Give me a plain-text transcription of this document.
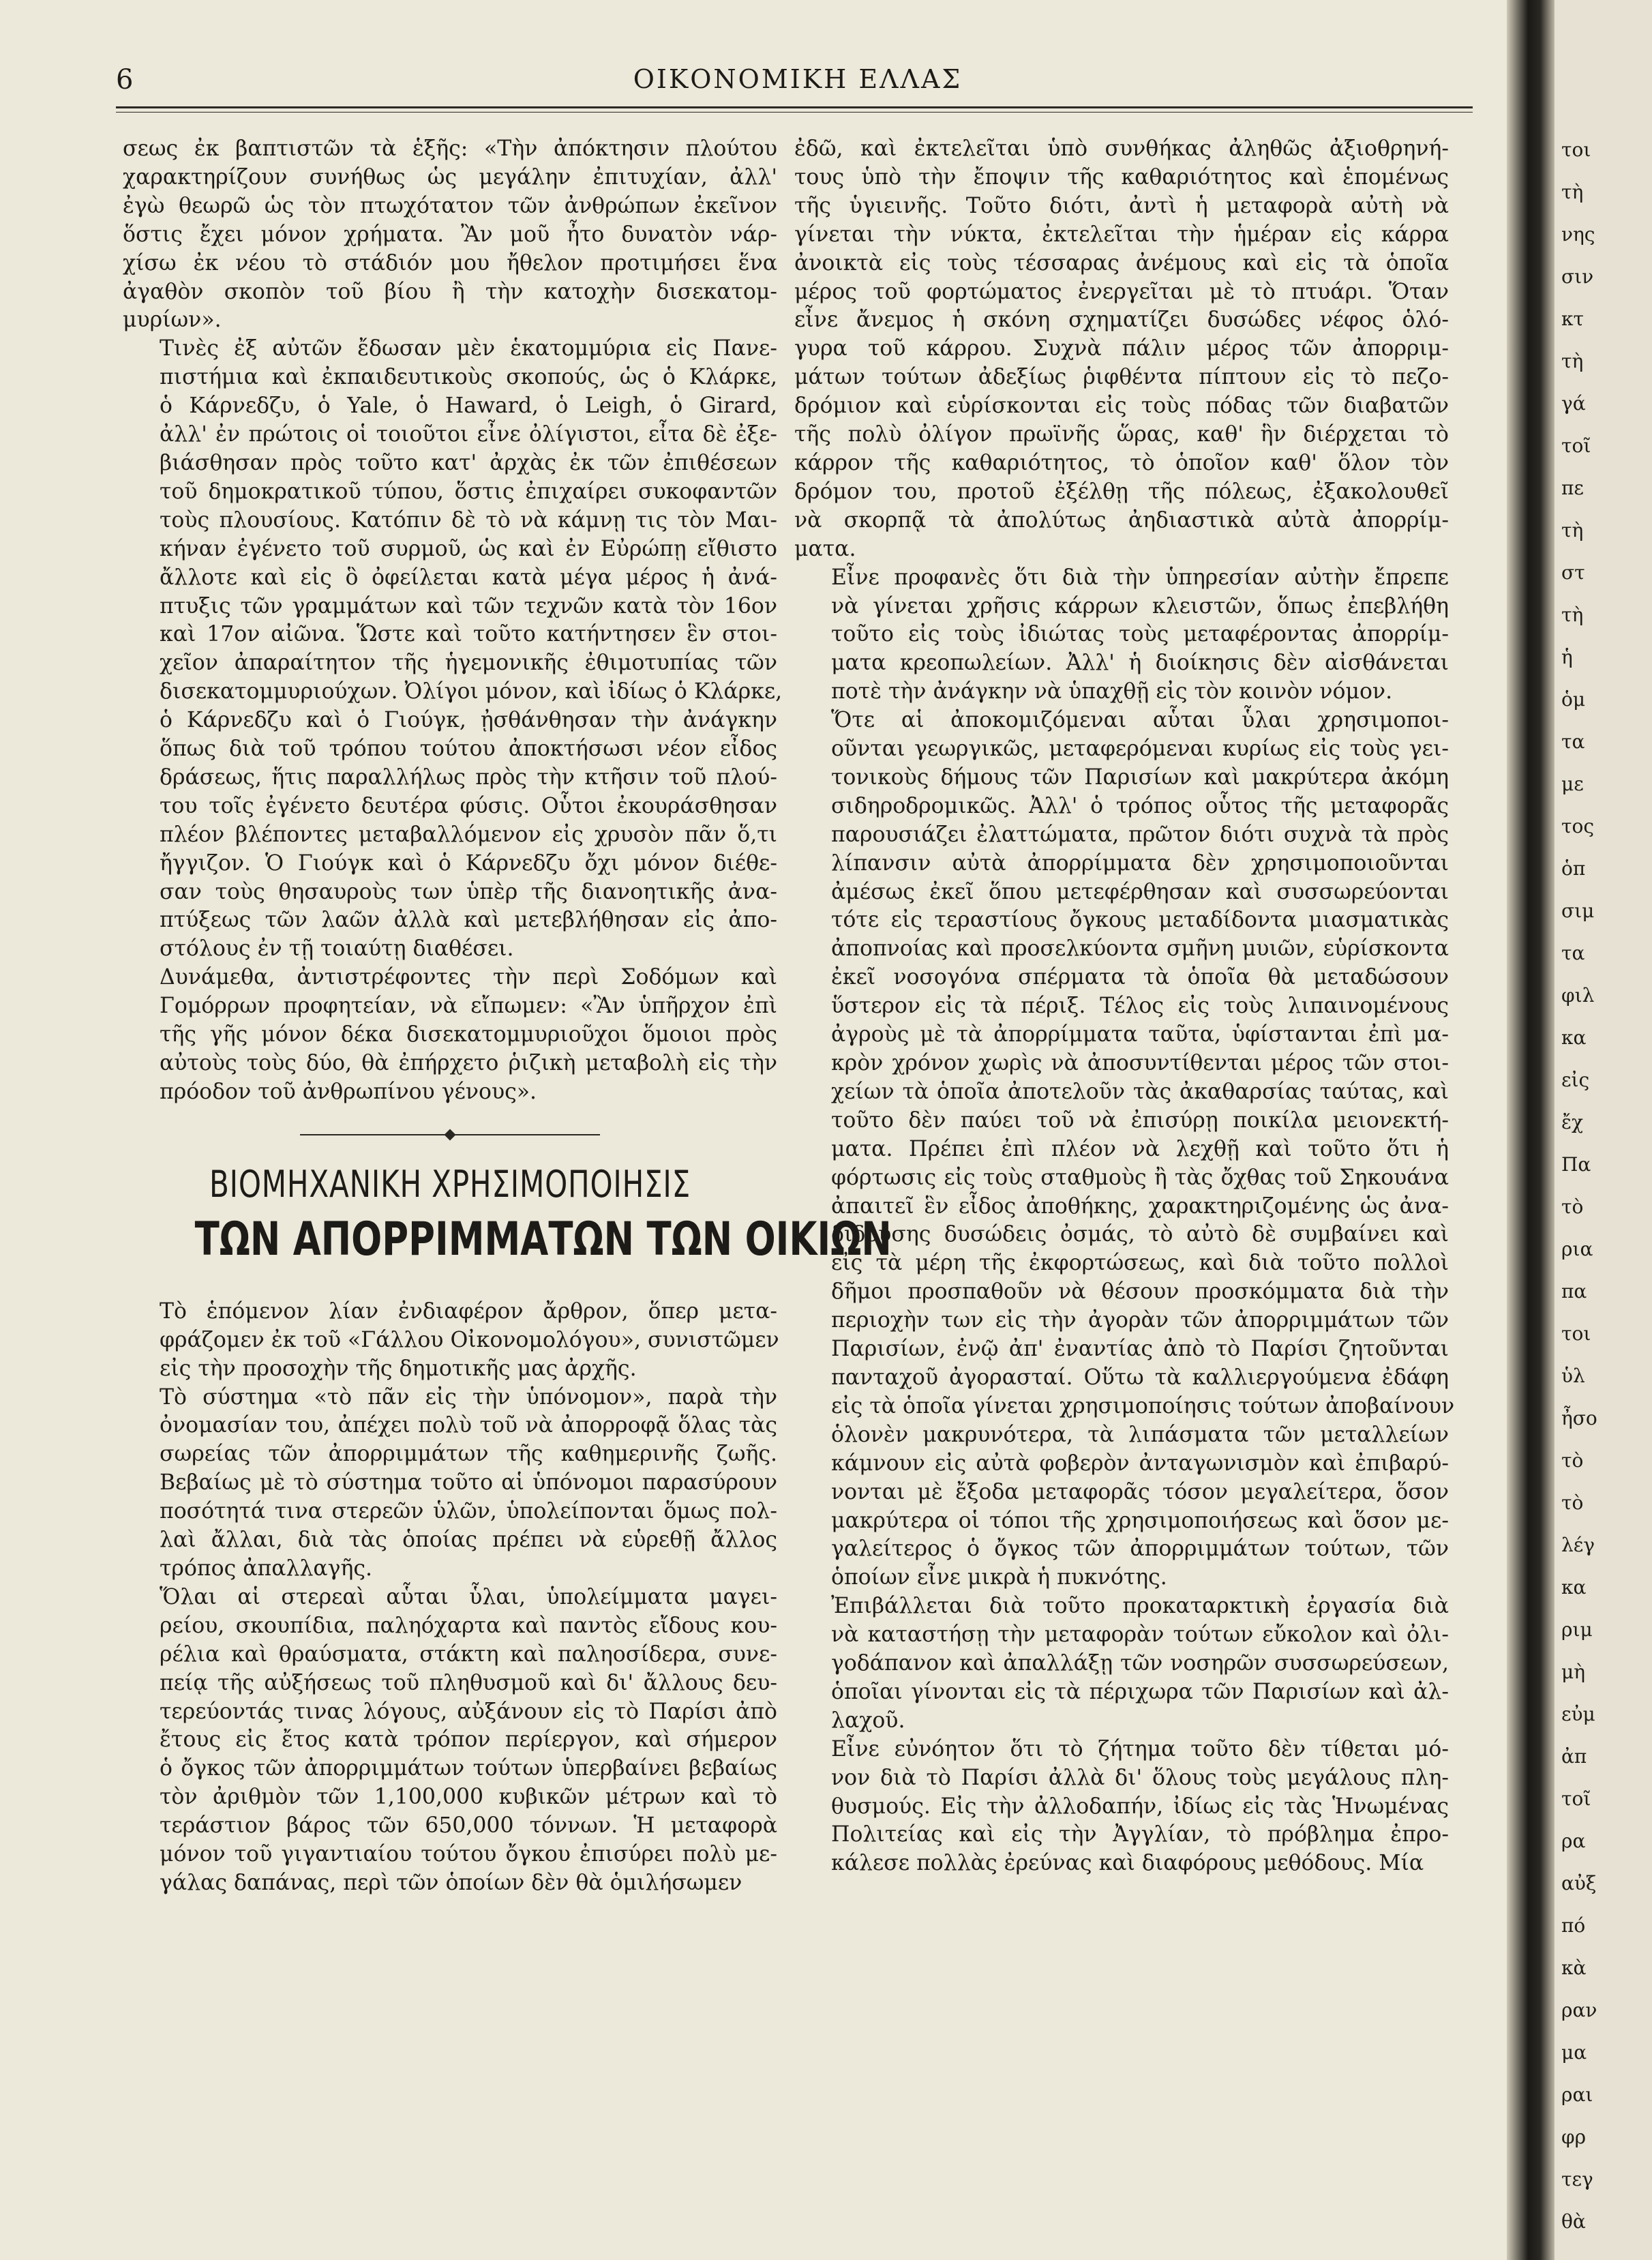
6	ΟΙΚΟΝΟΜΙΚΗ ΕΛΛΑΣ

σεως ἐκ βαπτιστῶν τὰ ἑξῆς: «Τὴν ἀπόκτησιν πλούτου
χαρακτηρίζουν συνήθως ὡς μεγάλην ἐπιτυχίαν, ἀλλ'
ἐγὼ θεωρῶ ὡς τὸν πτωχότατον τῶν ἀνθρώπων ἐκεῖνον
ὅστις ἔχει μόνον χρήματα. Ἂν μοῦ ἦτο δυνατὸν νάρ-
χίσω ἐκ νέου τὸ στάδιόν μου ἤθελον προτιμήσει ἕνα
ἀγαθὸν σκοπὸν τοῦ βίου ἢ τὴν κατοχὴν δισεκατομ-
μυρίων».

Τινὲς ἐξ αὐτῶν ἔδωσαν μὲν ἑκατομμύρια εἰς Πανε-
πιστήμια καὶ ἐκπαιδευτικοὺς σκοπούς, ὡς ὁ Κλάρκε,
ὁ Κάρνεδζυ, ὁ Yale, ὁ Haward, ὁ Leigh, ὁ Girard,
ἀλλ' ἐν πρώτοις οἱ τοιοῦτοι εἶνε ὀλίγιστοι, εἶτα δὲ ἐξε-
βιάσθησαν πρὸς τοῦτο κατ' ἀρχὰς ἐκ τῶν ἐπιθέσεων
τοῦ δημοκρατικοῦ τύπου, ὅστις ἐπιχαίρει συκοφαντῶν
τοὺς πλουσίους. Κατόπιν δὲ τὸ νὰ κάμνῃ τις τὸν Μαι-
κήναν ἐγένετο τοῦ συρμοῦ, ὡς καὶ ἐν Εὐρώπῃ εἴθιστο
ἄλλοτε καὶ εἰς ὃ ὀφείλεται κατὰ μέγα μέρος ἡ ἀνά-
πτυξις τῶν γραμμάτων καὶ τῶν τεχνῶν κατὰ τὸν 16ον
καὶ 17ον αἰῶνα. Ὥστε καὶ τοῦτο κατήντησεν ἓν στοι-
χεῖον ἀπαραίτητον τῆς ἡγεμονικῆς ἐθιμοτυπίας τῶν
δισεκατομμυριούχων. Ὀλίγοι μόνον, καὶ ἰδίως ὁ Κλάρκε,
ὁ Κάρνεδζυ καὶ ὁ Γιούγκ, ᾐσθάνθησαν τὴν ἀνάγκην
ὅπως διὰ τοῦ τρόπου τούτου ἀποκτήσωσι νέον εἶδος
δράσεως, ἥτις παραλλήλως πρὸς τὴν κτῆσιν τοῦ πλού-
του τοῖς ἐγένετο δευτέρα φύσις. Οὗτοι ἐκουράσθησαν
πλέον βλέποντες μεταβαλλόμενον εἰς χρυσὸν πᾶν ὅ,τι
ἤγγιζον. Ὁ Γιούγκ καὶ ὁ Κάρνεδζυ ὄχι μόνον διέθε-
σαν τοὺς θησαυροὺς των ὑπὲρ τῆς διανοητικῆς ἀνα-
πτύξεως τῶν λαῶν ἀλλὰ καὶ μετεβλήθησαν εἰς ἀπο-
στόλους ἐν τῇ τοιαύτῃ διαθέσει.

Δυνάμεθα, ἀντιστρέφοντες τὴν περὶ Σοδόμων καὶ
Γομόρρων προφητείαν, νὰ εἴπωμεν: «Ἂν ὑπῆρχον ἐπὶ
τῆς γῆς μόνον δέκα δισεκατομμυριοῦχοι ὅμοιοι πρὸς
αὐτοὺς τοὺς δύο, θὰ ἐπήρχετο ῥιζικὴ μεταβολὴ εἰς τὴν
πρόοδον τοῦ ἀνθρωπίνου γένους».

ΒΙΟΜΗΧΑΝΙΚΗ ΧΡΗΣΙΜΟΠΟΙΗΣΙΣ
ΤΩΝ ΑΠΟΡΡΙΜΜΑΤΩΝ ΤΩΝ ΟΙΚΙΩΝ

Τὸ ἑπόμενον λίαν ἐνδιαφέρον ἄρθρον, ὅπερ μετα-
φράζομεν ἐκ τοῦ «Γάλλου Οἰκονομολόγου», συνιστῶμεν
εἰς τὴν προσοχὴν τῆς δημοτικῆς μας ἀρχῆς.

Τὸ σύστημα «τὸ πᾶν εἰς τὴν ὑπόνομον», παρὰ τὴν
ὀνομασίαν του, ἀπέχει πολὺ τοῦ νὰ ἀπορροφᾷ ὅλας τὰς
σωρείας τῶν ἀπορριμμάτων τῆς καθημερινῆς ζωῆς.
Βεβαίως μὲ τὸ σύστημα τοῦτο αἱ ὑπόνομοι παρασύρουν
ποσότητά τινα στερεῶν ὑλῶν, ὑπολείπονται ὅμως πολ-
λαὶ ἄλλαι, διὰ τὰς ὁποίας πρέπει νὰ εὑρεθῇ ἄλλος
τρόπος ἀπαλλαγῆς.

Ὅλαι αἱ στερεαὶ αὗται ὗλαι, ὑπολείμματα μαγει-
ρείου, σκουπίδια, παληόχαρτα καὶ παντὸς εἴδους κου-
ρέλια καὶ θραύσματα, στάκτη καὶ παληοσίδερα, συνε-
πείᾳ τῆς αὐξήσεως τοῦ πληθυσμοῦ καὶ δι' ἄλλους δευ-
τερεύοντάς τινας λόγους, αὐξάνουν εἰς τὸ Παρίσι ἀπὸ
ἔτους εἰς ἔτος κατὰ τρόπον περίεργον, καὶ σήμερον
ὁ ὄγκος τῶν ἀπορριμμάτων τούτων ὑπερβαίνει βεβαίως
τὸν ἀριθμὸν τῶν 1,100,000 κυβικῶν μέτρων καὶ τὸ
τεράστιον βάρος τῶν 650,000 τόννων. Ἡ μεταφορὰ
μόνον τοῦ γιγαντιαίου τούτου ὄγκου ἐπισύρει πολὺ με-
γάλας δαπάνας, περὶ τῶν ὁποίων δὲν θὰ ὁμιλήσωμεν

ἐδῶ, καὶ ἐκτελεῖται ὑπὸ συνθήκας ἀληθῶς ἀξιοθρηνή-
τους ὑπὸ τὴν ἔποψιν τῆς καθαριότητος καὶ ἑπομένως
τῆς ὑγιεινῆς. Τοῦτο διότι, ἀντὶ ἡ μεταφορὰ αὐτὴ νὰ
γίνεται τὴν νύκτα, ἐκτελεῖται τὴν ἡμέραν εἰς κάρρα
ἀνοικτὰ εἰς τοὺς τέσσαρας ἀνέμους καὶ εἰς τὰ ὁποῖα
μέρος τοῦ φορτώματος ἐνεργεῖται μὲ τὸ πτυάρι. Ὅταν
εἶνε ἄνεμος ἡ σκόνη σχηματίζει δυσώδες νέφος ὁλό-
γυρα τοῦ κάρρου. Συχνὰ πάλιν μέρος τῶν ἀπορριμ-
μάτων τούτων ἀδεξίως ῥιφθέντα πίπτουν εἰς τὸ πεζο-
δρόμιον καὶ εὑρίσκονται εἰς τοὺς πόδας τῶν διαβατῶν
τῆς πολὺ ὀλίγον πρωϊνῆς ὥρας, καθ' ἣν διέρχεται τὸ
κάρρον τῆς καθαριότητος, τὸ ὁποῖον καθ' ὅλον τὸν
δρόμον του, προτοῦ ἐξέλθῃ τῆς πόλεως, ἐξακολουθεῖ
νὰ σκορπᾷ τὰ ἀπολύτως ἀηδιαστικὰ αὐτὰ ἀπορρίμ-
ματα.

Εἶνε προφανὲς ὅτι διὰ τὴν ὑπηρεσίαν αὐτὴν ἔπρεπε
νὰ γίνεται χρῆσις κάρρων κλειστῶν, ὅπως ἐπεβλήθη
τοῦτο εἰς τοὺς ἰδιώτας τοὺς μεταφέροντας ἀπορρίμ-
ματα κρεοπωλείων. Ἀλλ' ἡ διοίκησις δὲν αἰσθάνεται
ποτὲ τὴν ἀνάγκην νὰ ὑπαχθῇ εἰς τὸν κοινὸν νόμον.

Ὅτε αἱ ἀποκομιζόμεναι αὗται ὗλαι χρησιμοποι-
οῦνται γεωργικῶς, μεταφερόμεναι κυρίως εἰς τοὺς γει-
τονικοὺς δήμους τῶν Παρισίων καὶ μακρύτερα ἀκόμη
σιδηροδρομικῶς. Ἀλλ' ὁ τρόπος οὗτος τῆς μεταφορᾶς
παρουσιάζει ἐλαττώματα, πρῶτον διότι συχνὰ τὰ πρὸς
λίπανσιν αὐτὰ ἀπορρίμματα δὲν χρησιμοποιοῦνται
ἀμέσως ἐκεῖ ὅπου μετεφέρθησαν καὶ συσσωρεύονται
τότε εἰς τεραστίους ὄγκους μεταδίδοντα μιασματικὰς
ἀποπνοίας καὶ προσελκύοντα σμῆνη μυιῶν, εὑρίσκοντα
ἐκεῖ νοσογόνα σπέρματα τὰ ὁποῖα θὰ μεταδώσουν
ὕστερον εἰς τὰ πέριξ. Τέλος εἰς τοὺς λιπαινομένους
ἀγροὺς μὲ τὰ ἀπορρίμματα ταῦτα, ὑφίστανται ἐπὶ μα-
κρὸν χρόνον χωρὶς νὰ ἀποσυντίθενται μέρος τῶν στοι-
χείων τὰ ὁποῖα ἀποτελοῦν τὰς ἀκαθαρσίας ταύτας, καὶ
τοῦτο δὲν παύει τοῦ νὰ ἐπισύρῃ ποικίλα μειονεκτή-
ματα. Πρέπει ἐπὶ πλέον νὰ λεχθῇ καὶ τοῦτο ὅτι ἡ
φόρτωσις εἰς τοὺς σταθμοὺς ἢ τὰς ὄχθας τοῦ Σηκουάνα
ἀπαιτεῖ ἓν εἶδος ἀποθήκης, χαρακτηριζομένης ὡς ἀνα-
διδούσης δυσώδεις ὀσμάς, τὸ αὐτὸ δὲ συμβαίνει καὶ
εἰς τὰ μέρη τῆς ἐκφορτώσεως, καὶ διὰ τοῦτο πολλοὶ
δῆμοι προσπαθοῦν νὰ θέσουν προσκόμματα διὰ τὴν
περιοχὴν των εἰς τὴν ἀγορὰν τῶν ἀπορριμμάτων τῶν
Παρισίων, ἐνῷ ἀπ' ἐναντίας ἀπὸ τὸ Παρίσι ζητοῦνται
πανταχοῦ ἀγορασταί. Οὕτω τὰ καλλιεργούμενα ἐδάφη
εἰς τὰ ὁποῖα γίνεται χρησιμοποίησις τούτων ἀποβαίνουν
ὁλονὲν μακρυνότερα, τὰ λιπάσματα τῶν μεταλλείων
κάμνουν εἰς αὐτὰ φοβερὸν ἀνταγωνισμὸν καὶ ἐπιβαρύ-
νονται μὲ ἔξοδα μεταφορᾶς τόσον μεγαλείτερα, ὅσον
μακρύτερα οἱ τόποι τῆς χρησιμοποιήσεως καὶ ὅσον με-
γαλείτερος ὁ ὄγκος τῶν ἀπορριμμάτων τούτων, τῶν
ὁποίων εἶνε μικρὰ ἡ πυκνότης.

Ἐπιβάλλεται διὰ τοῦτο προκαταρκτικὴ ἐργασία διὰ
νὰ καταστήσῃ τὴν μεταφορὰν τούτων εὔκολον καὶ ὀλι-
γοδάπανον καὶ ἀπαλλάξῃ τῶν νοσηρῶν συσσωρεύσεων,
ὁποῖαι γίνονται εἰς τὰ πέριχωρα τῶν Παρισίων καὶ ἀλ-
λαχοῦ.

Εἶνε εὐνόητον ὅτι τὸ ζήτημα τοῦτο δὲν τίθεται μό-
νον διὰ τὸ Παρίσι ἀλλὰ δι' ὅλους τοὺς μεγάλους πλη-
θυσμούς. Εἰς τὴν ἀλλοδαπήν, ἰδίως εἰς τὰς Ἡνωμένας
Πολιτείας καὶ εἰς τὴν Ἀγγλίαν, τὸ πρόβλημα ἐπρο-
κάλεσε πολλὰς ἐρεύνας καὶ διαφόρους μεθόδους. Μία

τοι
τὴ
νης
σιν
κτ
τὴ
γά
τοῖ
πε
τὴ
στ
τὴ
ἡ
ὁμ
τα
με
τος
ὁπ
σιμ
τα
φιλ
κα
εἰς
ἔχ
Πα
τὸ
ρια
πα
τοι
ὑλ
ἦσο
τὸ
τὸ
λέγ
κα
ριμ
μὴ
εὐμ
ἀπ
τοῖ
ρα
αὐξ
πό
κὰ
ραν
μα
ραι
φρ
τεγ
θὰ
